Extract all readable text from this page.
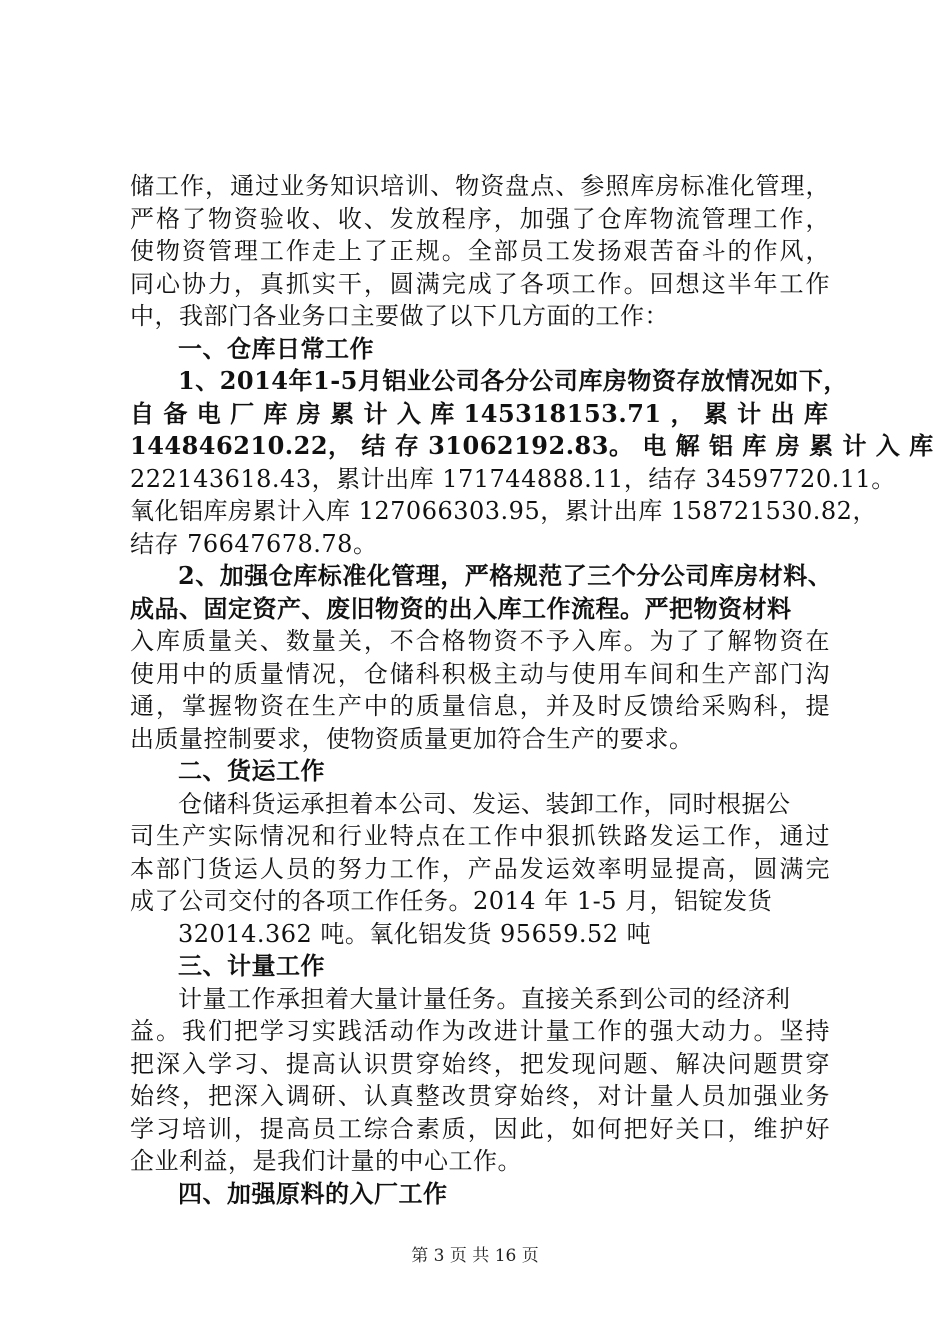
储工作，通过业务知识培训、物资盘点、参照库房标准化管理，
严格了物资验收、收、发放程序，加强了仓库物流管理工作，
使物资管理工作走上了正规。全部员工发扬艰苦奋斗的作风，
同心协力，真抓实干，圆满完成了各项工作。回想这半年工作
中，我部门各业务口主要做了以下几方面的工作：
一、仓库日常工作
1、2014年1-5月铝业公司各分公司库房物资存放情况如下，
自 备 电 厂 库 房 累 计 入 库 145318153.71 ， 累 计 出 库
144846210.22， 结 存 31062192.83。 电 解 铝 库 房 累 计 入 库
222143618.43，累计出库 171744888.11，结存 34597720.11。
氧化铝库房累计入库 127066303.95，累计出库 158721530.82，
结存 76647678.78。
2、加强仓库标准化管理，严格规范了三个分公司库房材料、
成品、固定资产、废旧物资的出入库工作流程。严把物资材料
入库质量关、数量关，不合格物资不予入库。为了了解物资在
使用中的质量情况，仓储科积极主动与使用车间和生产部门沟
通，掌握物资在生产中的质量信息，并及时反馈给采购科，提
出质量控制要求，使物资质量更加符合生产的要求。
二、货运工作
仓储科货运承担着本公司、发运、装卸工作，同时根据公
司生产实际情况和行业特点在工作中狠抓铁路发运工作，通过
本部门货运人员的努力工作，产品发运效率明显提高，圆满完
成了公司交付的各项工作任务。2014 年 1-5 月，铝锭发货
32014.362 吨。氧化铝发货 95659.52 吨
三、计量工作
计量工作承担着大量计量任务。直接关系到公司的经济利
益。我们把学习实践活动作为改进计量工作的强大动力。坚持
把深入学习、提高认识贯穿始终，把发现问题、解决问题贯穿
始终，把深入调研、认真整改贯穿始终，对计量人员加强业务
学习培训，提高员工综合素质，因此，如何把好关口，维护好
企业利益，是我们计量的中心工作。
四、加强原料的入厂工作
第 3 页 共 16 页
